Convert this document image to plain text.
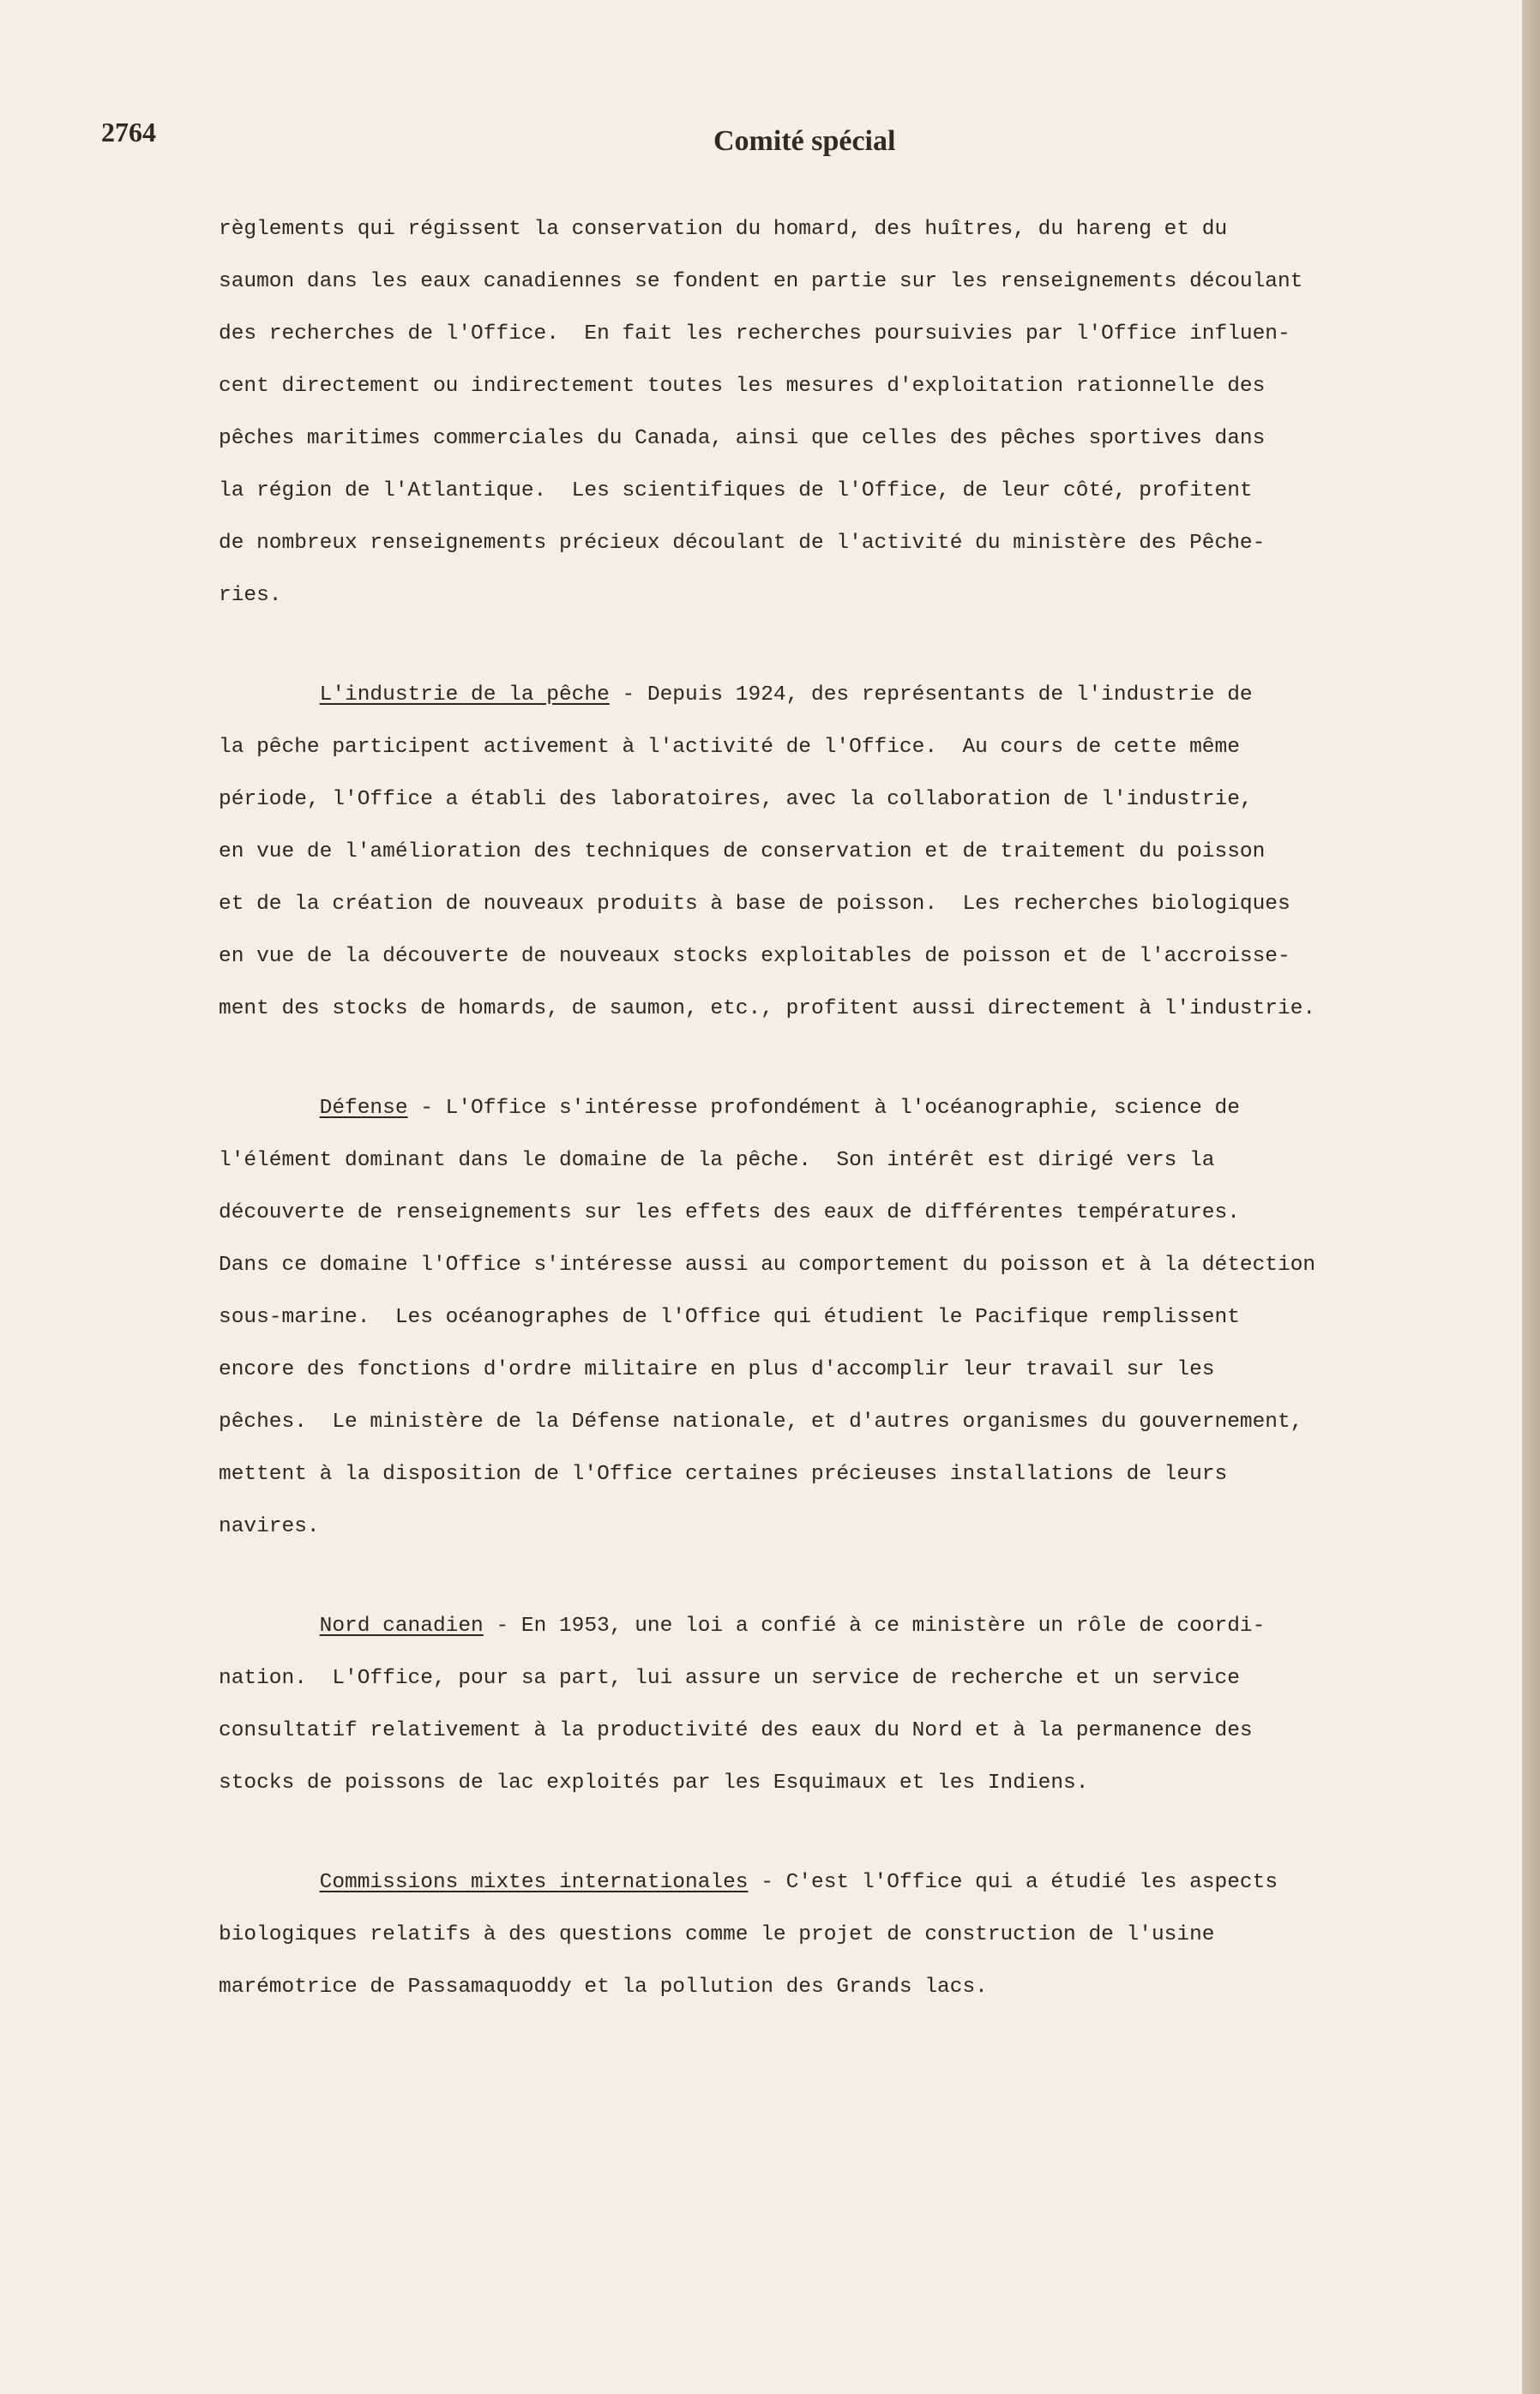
2764	Comité spécial
règlements qui régissent la conservation du homard, des huîtres, du hareng et du
saumon dans les eaux canadiennes se fondent en partie sur les renseignements découlant
des recherches de l'Office.  En fait les recherches poursuivies par l'Office influen-
cent directement ou indirectement toutes les mesures d'exploitation rationnelle des
pêches maritimes commerciales du Canada, ainsi que celles des pêches sportives dans
la région de l'Atlantique.  Les scientifiques de l'Office, de leur côté, profitent
de nombreux renseignements précieux découlant de l'activité du ministère des Pêche-
ries.
L'industrie de la pêche - Depuis 1924, des représentants de l'industrie de
la pêche participent activement à l'activité de l'Office.  Au cours de cette même
période, l'Office a établi des laboratoires, avec la collaboration de l'industrie,
en vue de l'amélioration des techniques de conservation et de traitement du poisson
et de la création de nouveaux produits à base de poisson.  Les recherches biologiques
en vue de la découverte de nouveaux stocks exploitables de poisson et de l'accroisse-
ment des stocks de homards, de saumon, etc., profitent aussi directement à l'industrie.
Défense - L'Office s'intéresse profondément à l'océanographie, science de
l'élément dominant dans le domaine de la pêche.  Son intérêt est dirigé vers la
découverte de renseignements sur les effets des eaux de différentes températures.
Dans ce domaine l'Office s'intéresse aussi au comportement du poisson et à la détection
sous-marine.  Les océanographes de l'Office qui étudient le Pacifique remplissent
encore des fonctions d'ordre militaire en plus d'accomplir leur travail sur les
pêches.  Le ministère de la Défense nationale, et d'autres organismes du gouvernement,
mettent à la disposition de l'Office certaines précieuses installations de leurs
navires.
Nord canadien - En 1953, une loi a confié à ce ministère un rôle de coordi-
nation.  L'Office, pour sa part, lui assure un service de recherche et un service
consultatif relativement à la productivité des eaux du Nord et à la permanence des
stocks de poissons de lac exploités par les Esquimaux et les Indiens.
Commissions mixtes internationales - C'est l'Office qui a étudié les aspects
biologiques relatifs à des questions comme le projet de construction de l'usine
marémotrice de Passamaquoddy et la pollution des Grands lacs.
